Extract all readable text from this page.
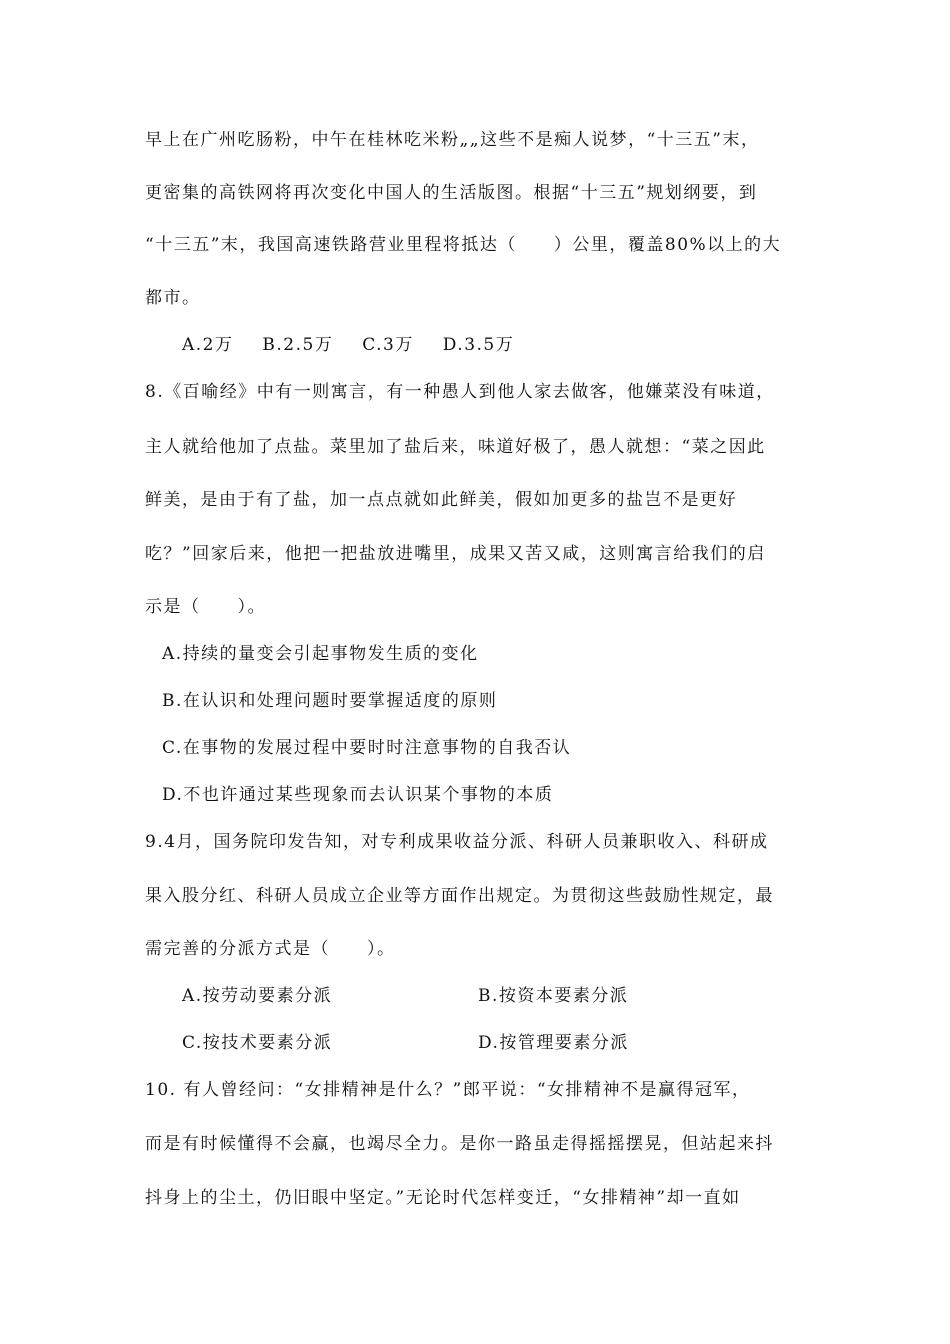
早上在广州吃肠粉，中午在桂林吃米粉„„这些不是痴人说梦，“十三五”末，
更密集的高铁网将再次变化中国人的生活版图。根据“十三五”规划纲要，到
“十三五”末，我国高速铁路营业里程将抵达（　　）公里，覆盖80%以上的大
都市。
A.2万 B.2.5万 C.3万 D.3.5万
8.《百喻经》中有一则寓言，有一种愚人到他人家去做客，他嫌菜没有味道，
主人就给他加了点盐。菜里加了盐后来，味道好极了，愚人就想：“菜之因此
鲜美，是由于有了盐，加一点点就如此鲜美，假如加更多的盐岂不是更好
吃？”回家后来，他把一把盐放进嘴里，成果又苦又咸，这则寓言给我们的启
示是（　　）。
A.持续的量变会引起事物发生质的变化
B.在认识和处理问题时要掌握适度的原则
C.在事物的发展过程中要时时注意事物的自我否认
D.不也许通过某些现象而去认识某个事物的本质
9.4月，国务院印发告知，对专利成果收益分派、科研人员兼职收入、科研成
果入股分红、科研人员成立企业等方面作出规定。为贯彻这些鼓励性规定，最
需完善的分派方式是（　　）。
A.按劳动要素分派	B.按资本要素分派
C.按技术要素分派	D.按管理要素分派
10. 有人曾经问：“女排精神是什么？”郎平说：“女排精神不是赢得冠军，
而是有时候懂得不会赢，也竭尽全力。是你一路虽走得摇摇摆晃，但站起来抖
抖身上的尘土，仍旧眼中坚定。”无论时代怎样变迁，“女排精神”却一直如
